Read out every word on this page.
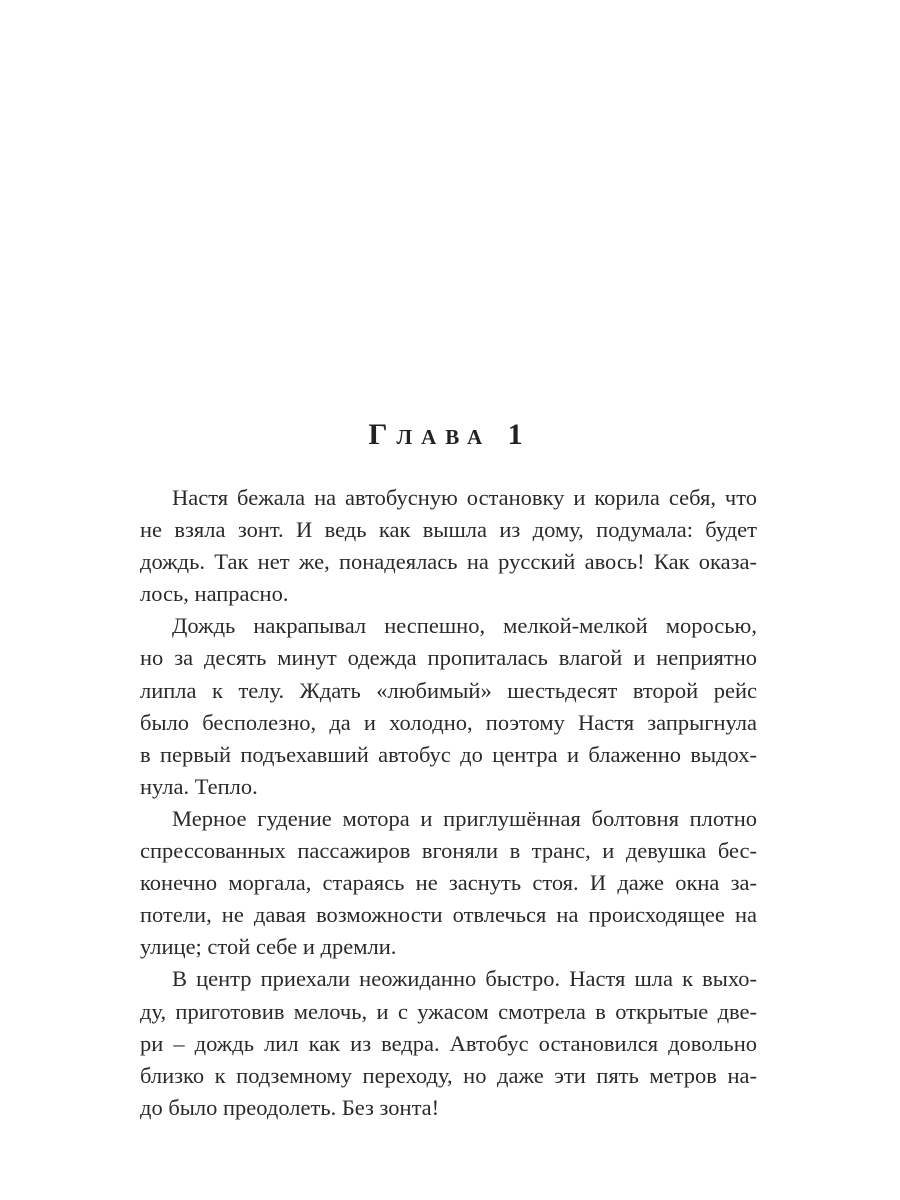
Глава 1
Настя бежала на автобусную остановку и корила себя, что
не взяла зонт. И ведь как вышла из дому, подумала: будет
дождь. Так нет же, понадеялась на русский авось! Как оказа-
лось, напрасно.
Дождь накрапывал неспешно, мелкой-мелкой моросью,
но за десять минут одежда пропиталась влагой и неприятно
липла к телу. Ждать «любимый» шестьдесят второй рейс
было бесполезно, да и холодно, поэтому Настя запрыгнула
в первый подъехавший автобус до центра и блаженно выдох-
нула. Тепло.
Мерное гудение мотора и приглушённая болтовня плотно
спрессованных пассажиров вгоняли в транс, и девушка бес-
конечно моргала, стараясь не заснуть стоя. И даже окна за-
потели, не давая возможности отвлечься на происходящее на
улице; стой себе и дремли.
В центр приехали неожиданно быстро. Настя шла к выхо-
ду, приготовив мелочь, и с ужасом смотрела в открытые две-
ри – дождь лил как из ведра. Автобус остановился довольно
близко к подземному переходу, но даже эти пять метров на-
до было преодолеть. Без зонта!
